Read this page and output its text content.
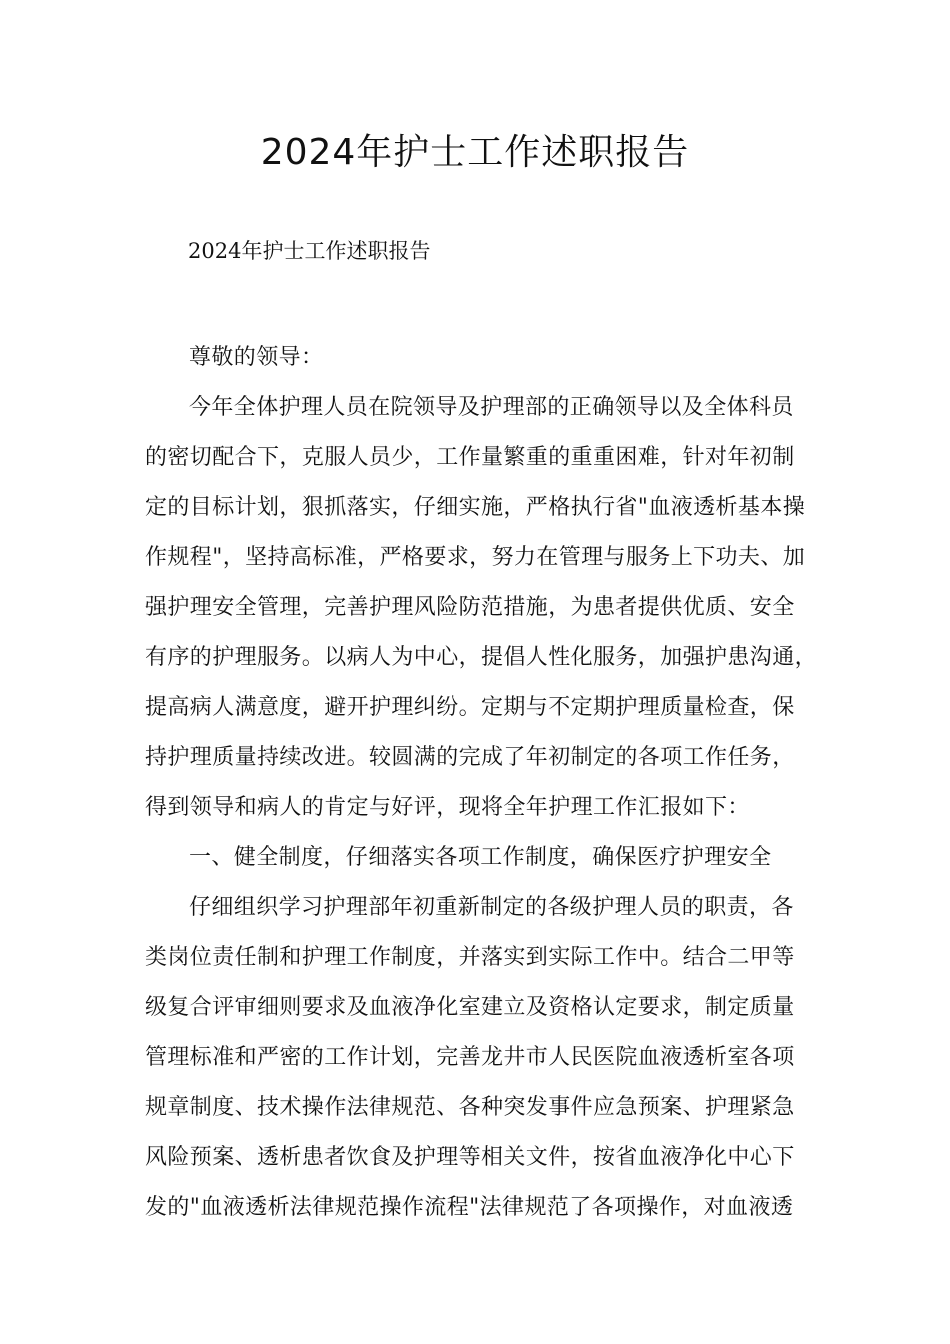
2024年护士工作述职报告

2024年护士工作述职报告

尊敬的领导：
今年全体护理人员在院领导及护理部的正确领导以及全体科员
的密切配合下，克服人员少，工作量繁重的重重困难，针对年初制
定的目标计划，狠抓落实，仔细实施，严格执行省"血液透析基本操
作规程"，坚持高标准，严格要求，努力在管理与服务上下功夫、加
强护理安全管理，完善护理风险防范措施，为患者提供优质、安全
有序的护理服务。以病人为中心，提倡人性化服务，加强护患沟通，
提高病人满意度，避开护理纠纷。定期与不定期护理质量检查，保
持护理质量持续改进。较圆满的完成了年初制定的各项工作任务，
得到领导和病人的肯定与好评，现将全年护理工作汇报如下：
一、健全制度，仔细落实各项工作制度，确保医疗护理安全
仔细组织学习护理部年初重新制定的各级护理人员的职责，各
类岗位责任制和护理工作制度，并落实到实际工作中。结合二甲等
级复合评审细则要求及血液净化室建立及资格认定要求，制定质量
管理标准和严密的工作计划，完善龙井市人民医院血液透析室各项
规章制度、技术操作法律规范、各种突发事件应急预案、护理紧急
风险预案、透析患者饮食及护理等相关文件，按省血液净化中心下
发的"血液透析法律规范操作流程"法律规范了各项操作，对血液透
